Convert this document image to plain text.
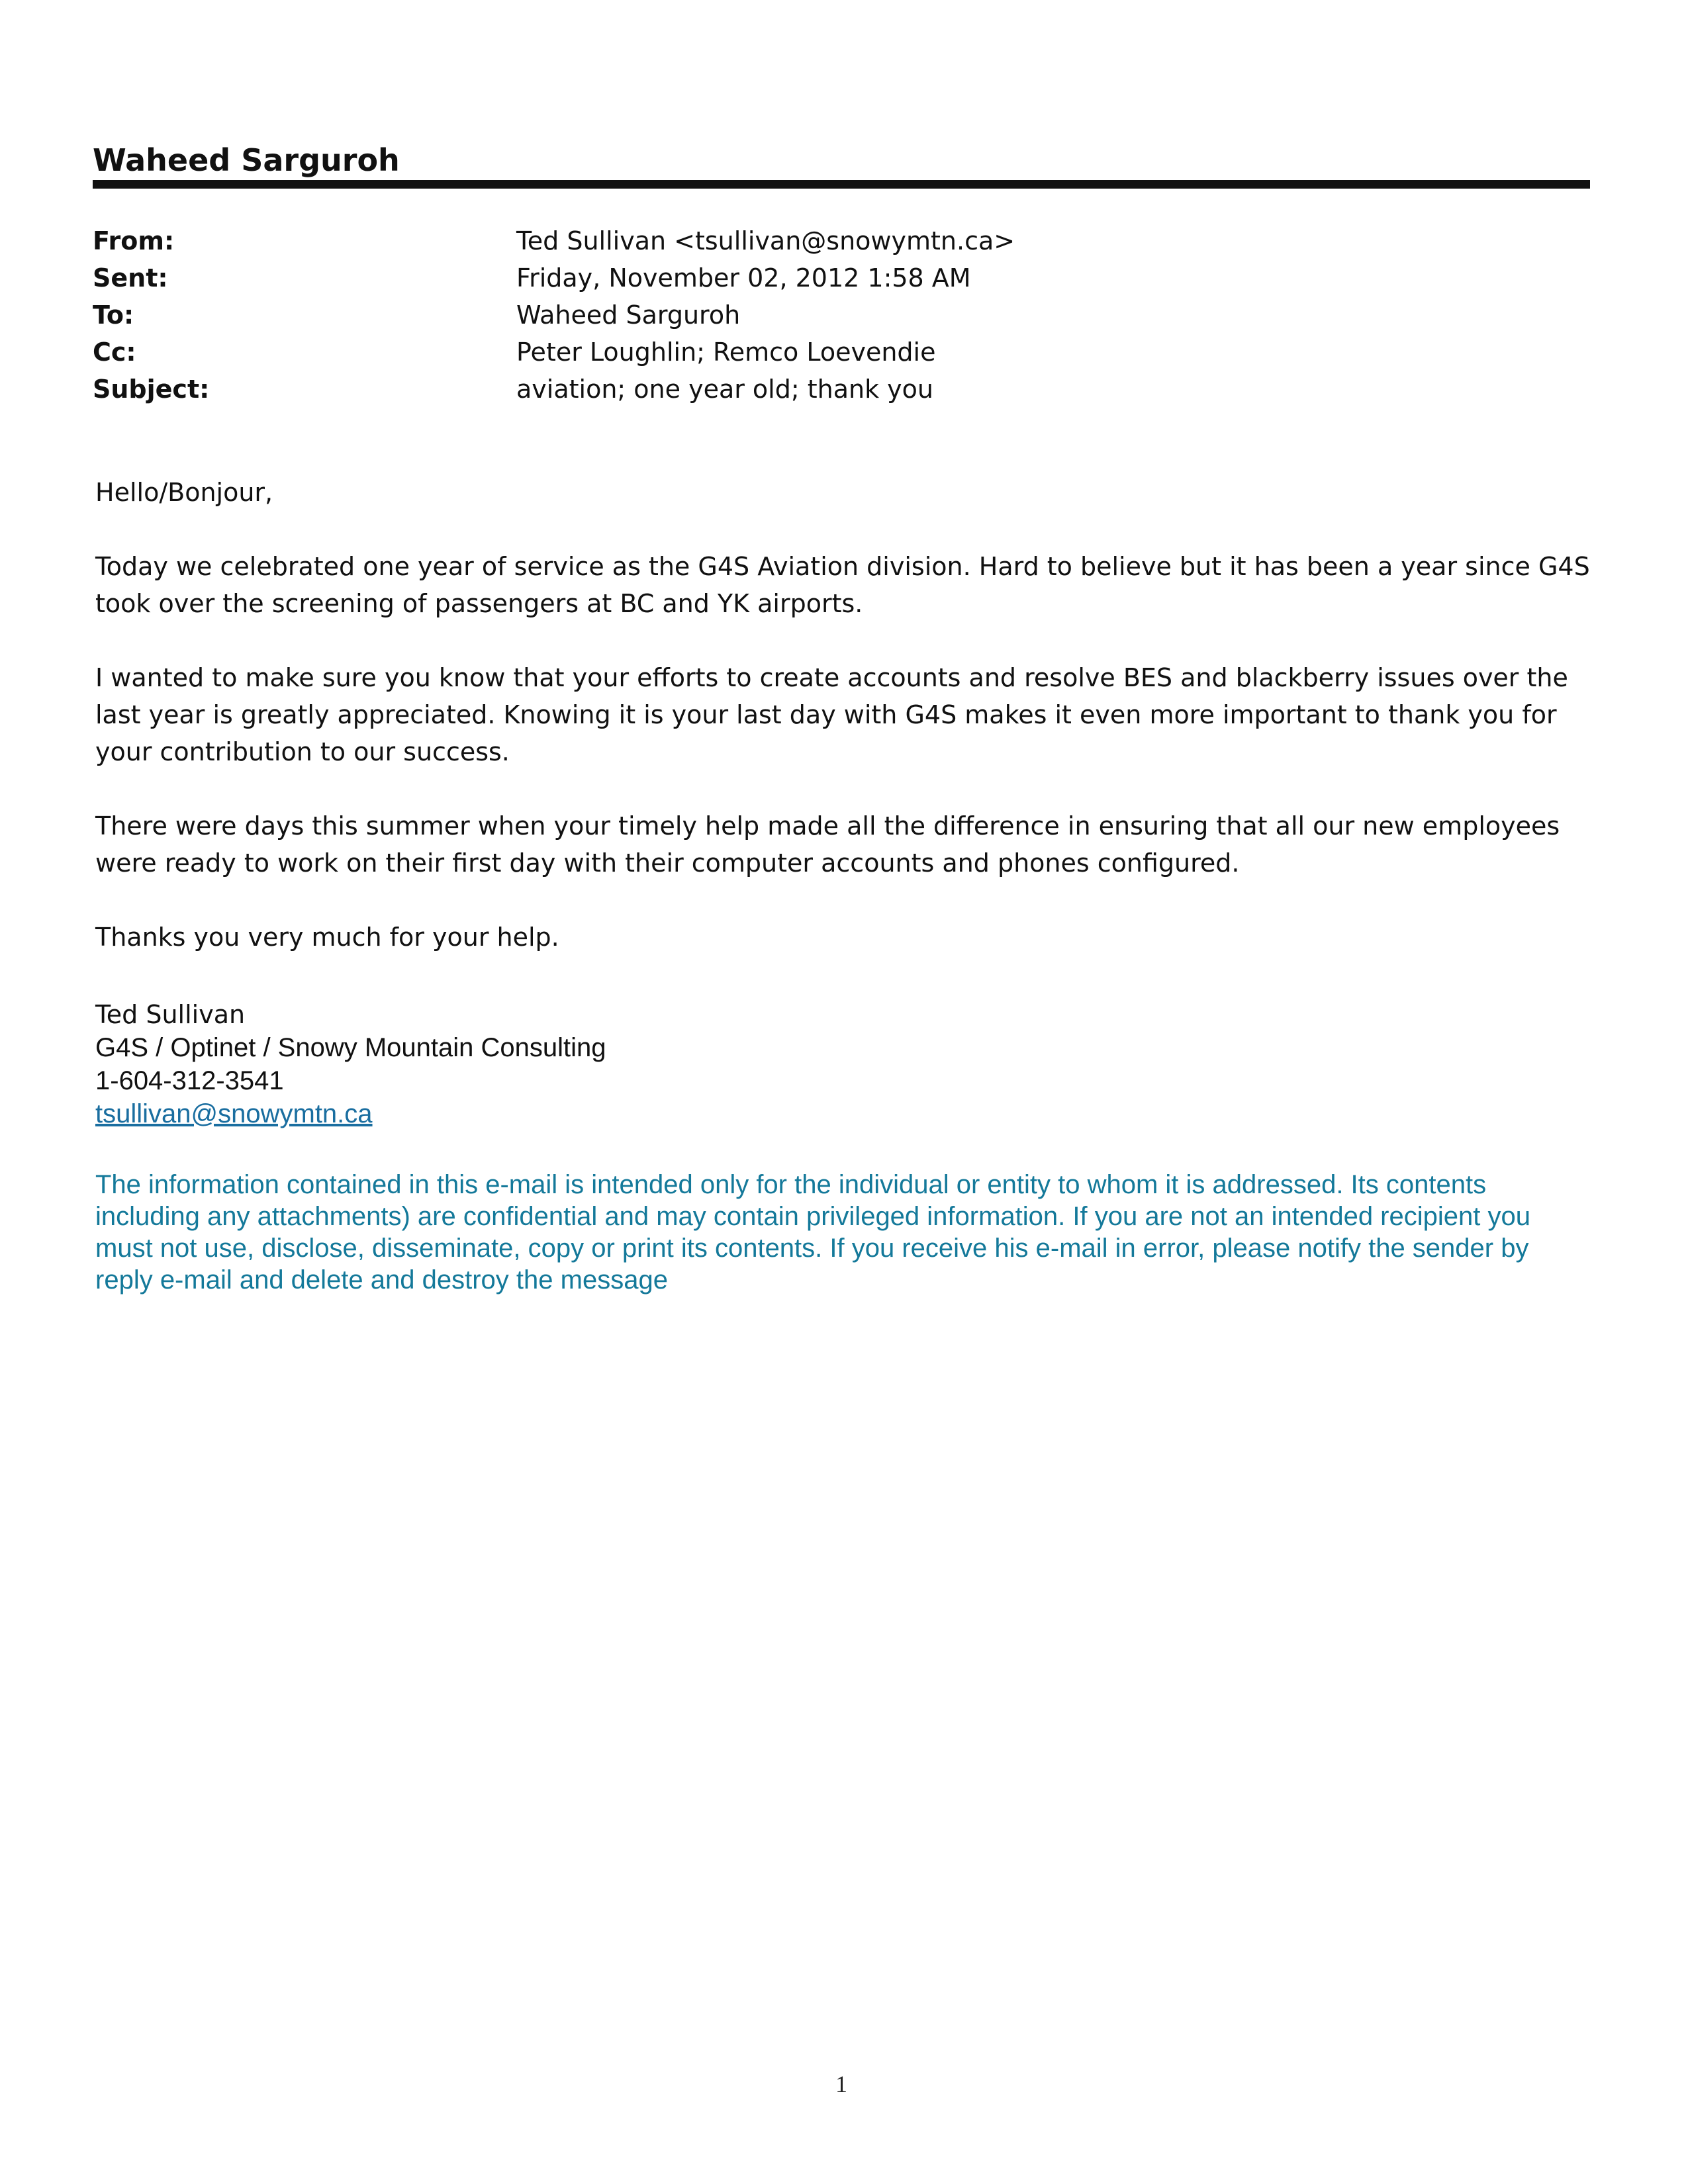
Waheed Sarguroh
From:	Ted Sullivan <tsullivan@snowymtn.ca>
Sent:	Friday, November 02, 2012 1:58 AM
To:	Waheed Sarguroh
Cc:	Peter Loughlin; Remco Loevendie
Subject:	aviation; one year old; thank you

Hello/Bonjour,

Today we celebrated one year of service as the G4S Aviation division. Hard to believe but it has been a year since G4S took over the screening of passengers at BC and YK airports.

I wanted to make sure you know that your efforts to create accounts and resolve BES and blackberry issues over the last year is greatly appreciated. Knowing it is your last day with G4S makes it even more important to thank you for your contribution to our success.

There were days this summer when your timely help made all the difference in ensuring that all our new employees were ready to work on their first day with their computer accounts and phones configured.

Thanks you very much for your help.

Ted Sullivan
G4S / Optinet / Snowy Mountain Consulting
1-604-312-3541
tsullivan@snowymtn.ca
The information contained in this e-mail is intended only for the individual or entity to whom it is addressed. Its contents including any attachments) are confidential and may contain privileged information. If you are not an intended recipient you must not use, disclose, disseminate, copy or print its contents. If you receive his e-mail in error, please notify the sender by reply e-mail and delete and destroy the message
1
